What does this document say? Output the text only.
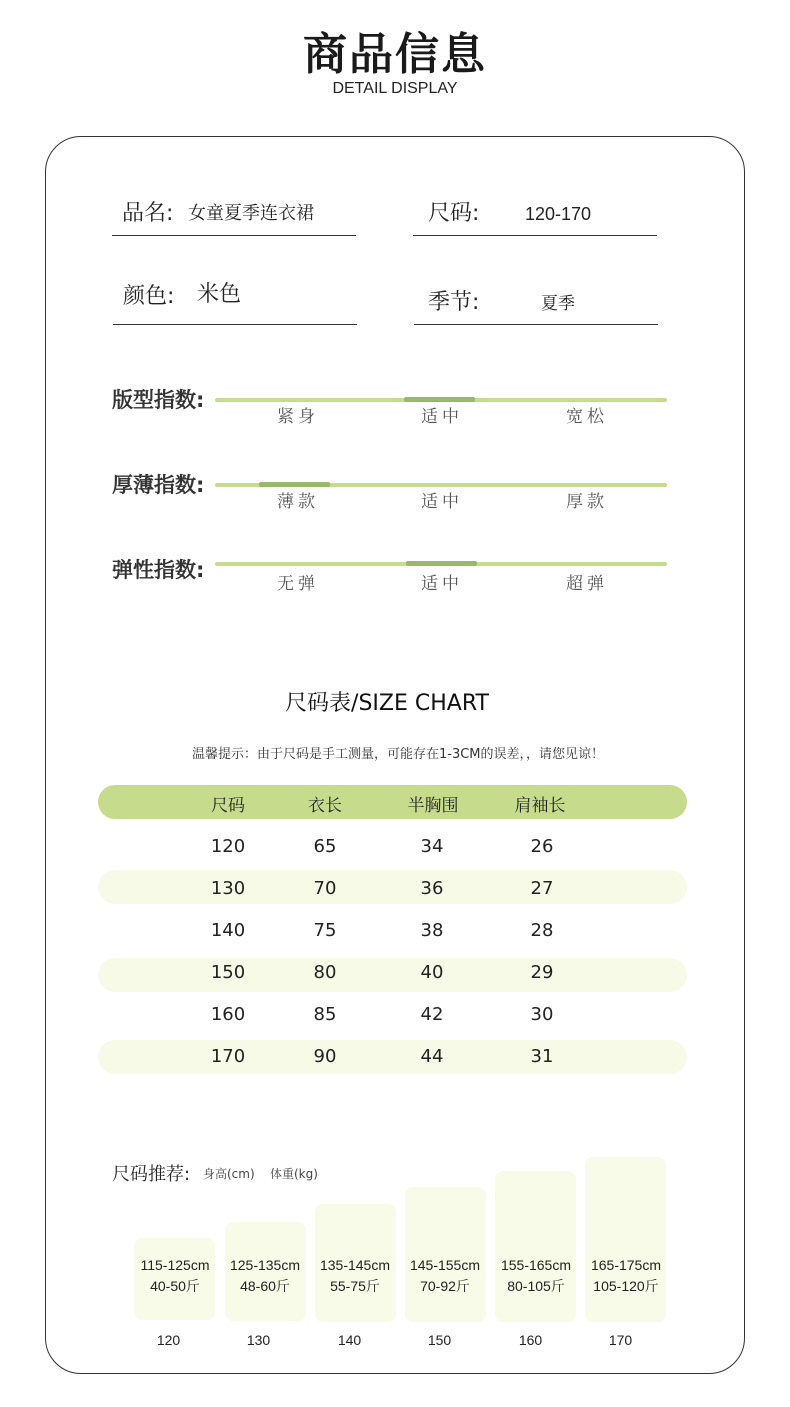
商品信息
DETAIL DISPLAY
品名: 女童夏季连衣裙	尺码:	120-170
颜色: 米色	季节:	夏季
版型指数:
紧身	适中	宽松
厚薄指数:
薄款	适中	厚款
弹性指数:
无弹	适中	超弹
尺码表/SIZE CHART
温馨提示：由于尺码是手工测量，可能存在1-3CM的误差，，请您见谅！
尺码	衣长	半胸围	肩袖长
120	65	34	26
130	70	36	27
140	75	38	28
150	80	40	29
160	85	42	30
170	90	44	31
尺码推荐: 身高(cm) 体重(kg)
115-125cm
40-50斤
125-135cm
48-60斤
135-145cm
55-75斤
145-155cm
70-92斤
155-165cm
80-105斤
165-175cm
105-120斤
120	130	140	150	160	170
